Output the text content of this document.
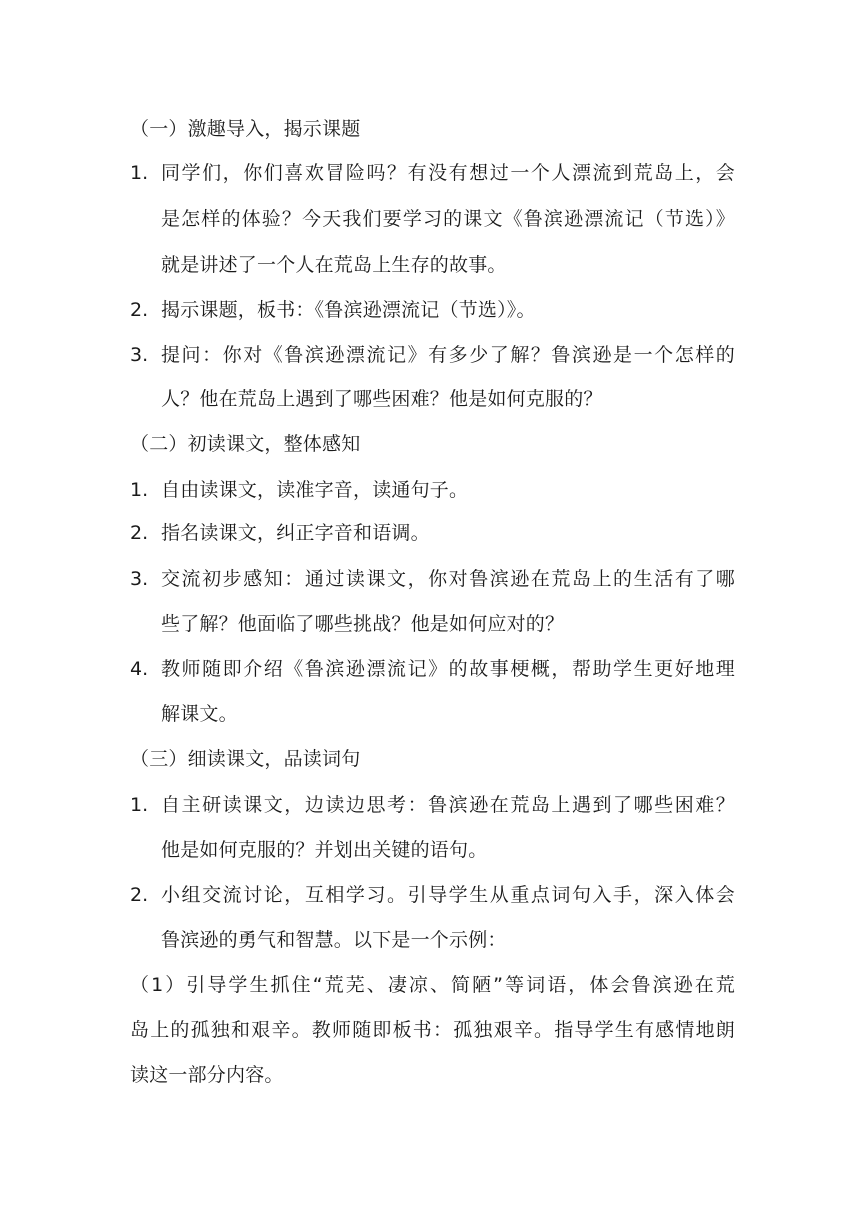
（一）激趣导入，揭示课题
1. 同学们，你们喜欢冒险吗？有没有想过一个人漂流到荒岛上，会
是怎样的体验？今天我们要学习的课文《鲁滨逊漂流记（节选）》
就是讲述了一个人在荒岛上生存的故事。
2. 揭示课题，板书：《鲁滨逊漂流记（节选）》。
3. 提问：你对《鲁滨逊漂流记》有多少了解？鲁滨逊是一个怎样的
人？他在荒岛上遇到了哪些困难？他是如何克服的？
（二）初读课文，整体感知
1. 自由读课文，读准字音，读通句子。
2. 指名读课文，纠正字音和语调。
3. 交流初步感知：通过读课文，你对鲁滨逊在荒岛上的生活有了哪
些了解？他面临了哪些挑战？他是如何应对的？
4. 教师随即介绍《鲁滨逊漂流记》的故事梗概，帮助学生更好地理
解课文。
（三）细读课文，品读词句
1. 自主研读课文，边读边思考：鲁滨逊在荒岛上遇到了哪些困难？
他是如何克服的？并划出关键的语句。
2. 小组交流讨论，互相学习。引导学生从重点词句入手，深入体会
鲁滨逊的勇气和智慧。以下是一个示例：
（1）引导学生抓住“荒芜、凄凉、简陋”等词语，体会鲁滨逊在荒
岛上的孤独和艰辛。教师随即板书：孤独艰辛。指导学生有感情地朗
读这一部分内容。
